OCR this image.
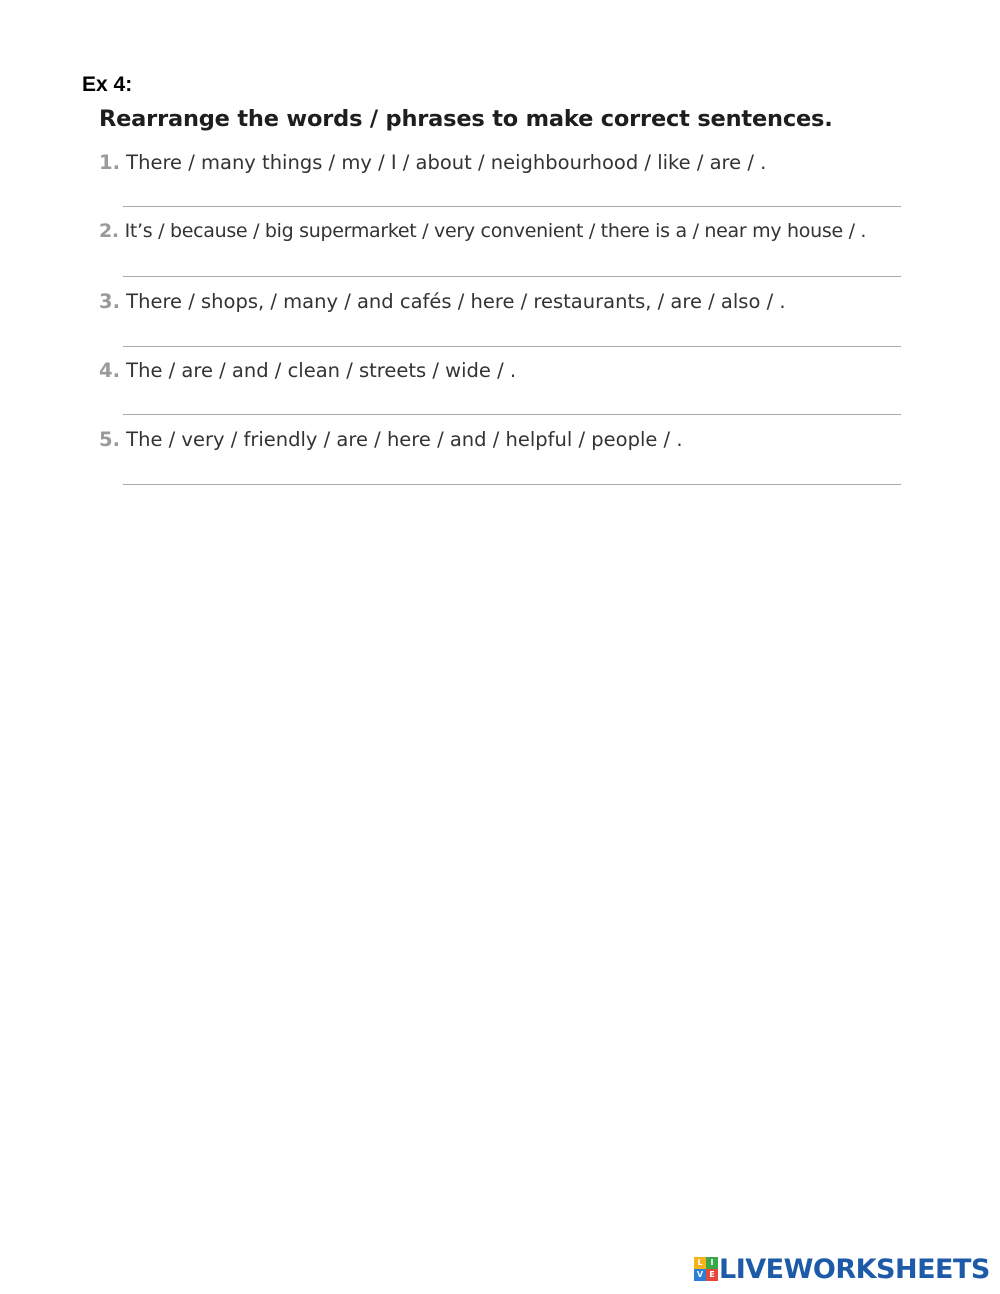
Ex 4:
Rearrange the words / phrases to make correct sentences.
1. There / many things / my / I / about / neighbourhood / like / are / .
2. It’s / because / big supermarket / very convenient / there is a / near my house / .
3. There / shops, / many / and cafés / here / restaurants, / are / also / .
4. The / are / and / clean / streets / wide / .
5. The / very / friendly / are / here / and / helpful / people / .
L I
V E LIVEWORKSHEETS
